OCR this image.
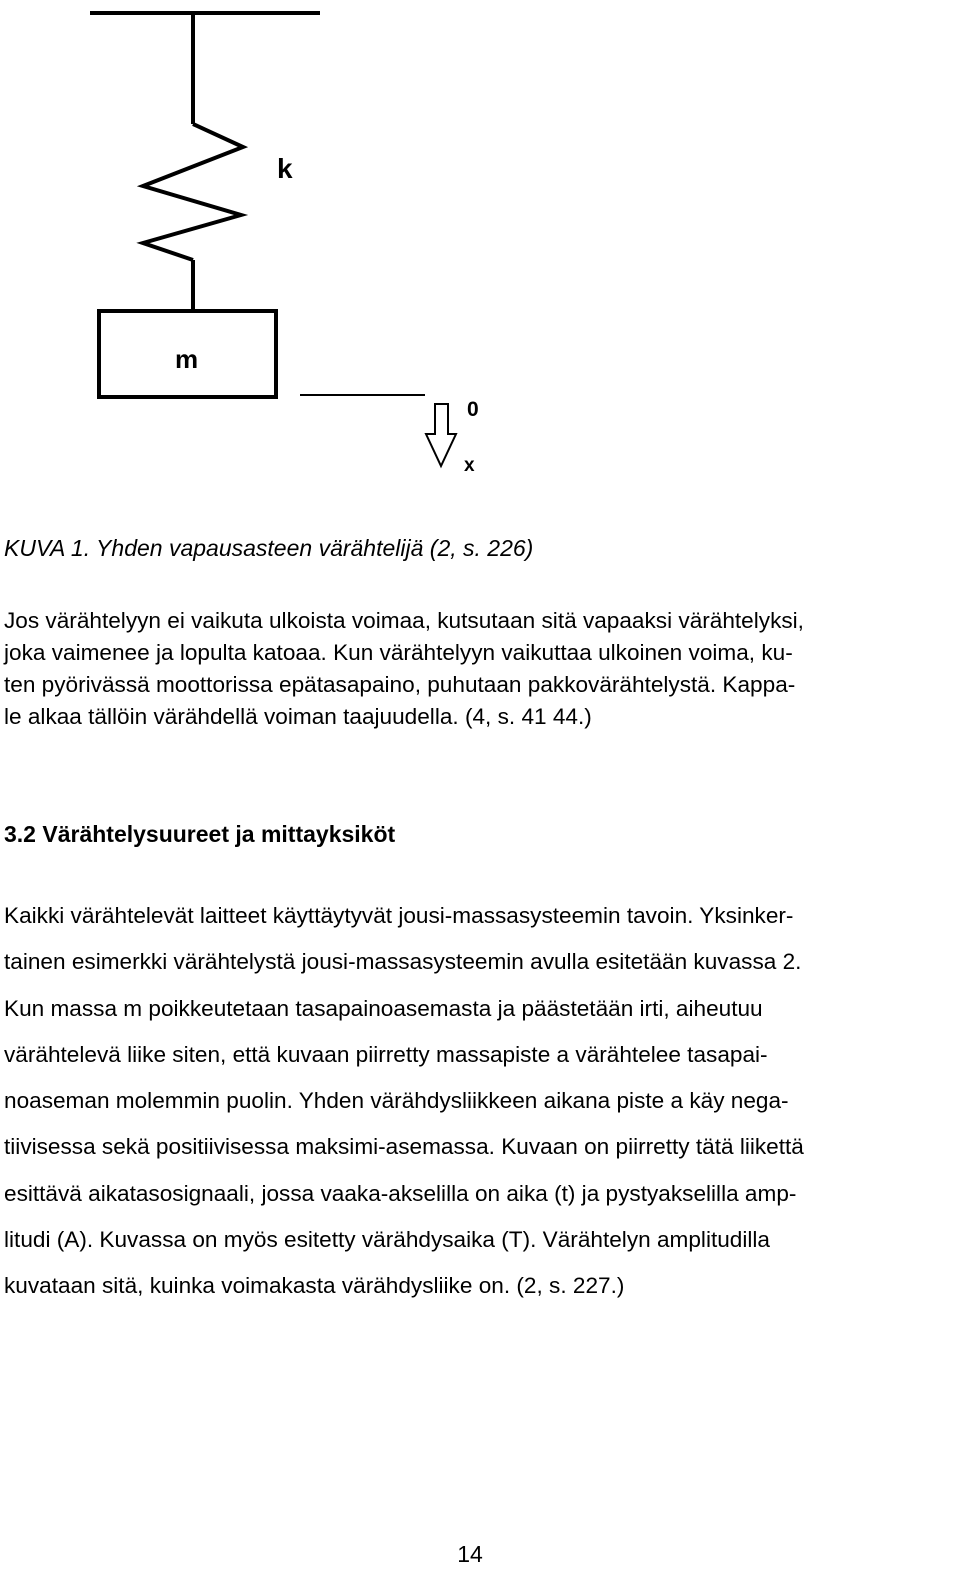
k
m
0
x
KUVA 1. Yhden vapausasteen värähtelijä (2, s. 226)

Jos värähtelyyn ei vaikuta ulkoista voimaa, kutsutaan sitä vapaaksi värähtelyksi,
joka vaimenee ja lopulta katoaa. Kun värähtelyyn vaikuttaa ulkoinen voima, ku-
ten pyörivässä moottorissa epätasapaino, puhutaan pakkovärähtelystä. Kappa-
le alkaa tällöin värähdellä voiman taajuudella. (4, s. 41 44.)

3.2 Värähtelysuureet ja mittayksiköt

Kaikki värähtelevät laitteet käyttäytyvät jousi-massasysteemin tavoin. Yksinker-
tainen esimerkki värähtelystä jousi-massasysteemin avulla esitetään kuvassa 2.
Kun massa m poikkeutetaan tasapainoasemasta ja päästetään irti, aiheutuu
värähtelevä liike siten, että kuvaan piirretty massapiste a värähtelee tasapai-
noaseman molemmin puolin. Yhden värähdysliikkeen aikana piste a käy nega-
tiivisessa sekä positiivisessa maksimi-asemassa. Kuvaan on piirretty tätä liikettä
esittävä aikatasosignaali, jossa vaaka-akselilla on aika (t) ja pystyakselilla amp-
litudi (A). Kuvassa on myös esitetty värähdysaika (T). Värähtelyn amplitudilla
kuvataan sitä, kuinka voimakasta värähdysliike on. (2, s. 227.)

14
